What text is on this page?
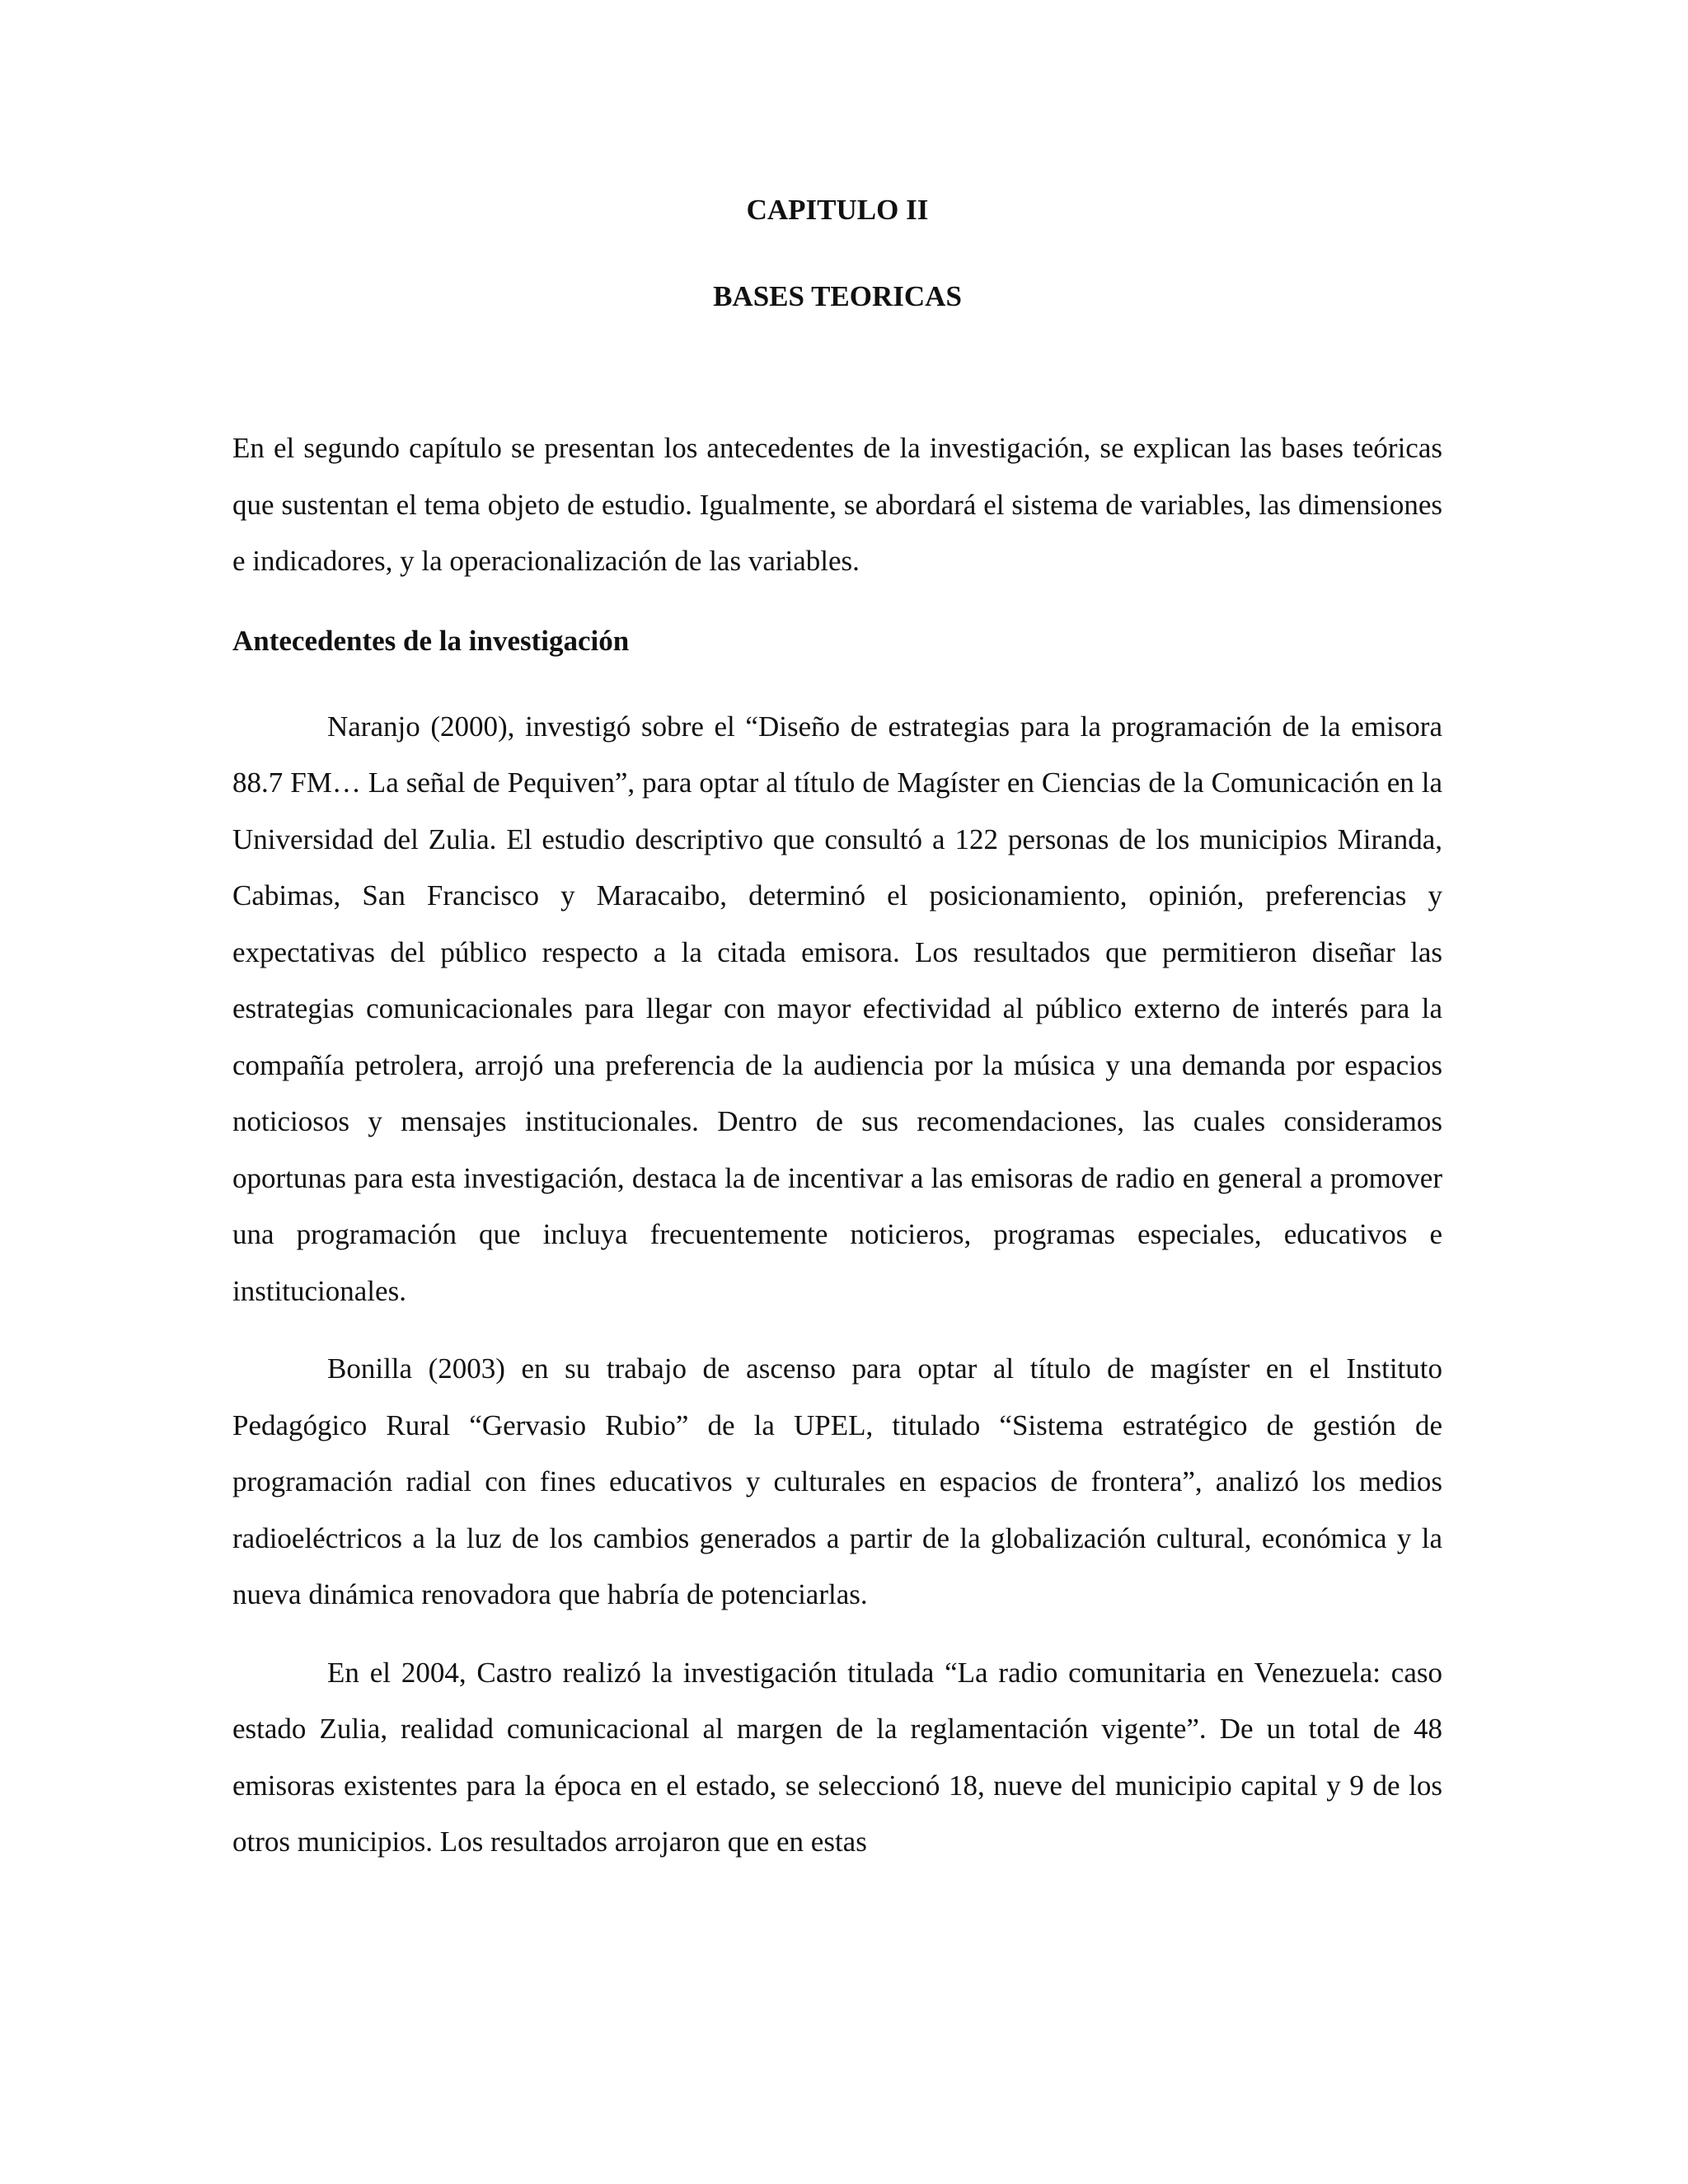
CAPITULO II
BASES TEORICAS

En el segundo capítulo se presentan los antecedentes de la investigación, se explican las bases teóricas que sustentan el tema objeto de estudio. Igualmente, se abordará el sistema de variables, las dimensiones e indicadores, y la operacionalización de las variables.

Antecedentes de la investigación

Naranjo (2000), investigó sobre el “Diseño de estrategias para la programación de la emisora 88.7 FM… La señal de Pequiven”, para optar al título de Magíster en Ciencias de la Comunicación en la Universidad del Zulia. El estudio descriptivo que consultó a 122 personas de los municipios Miranda, Cabimas, San Francisco y Maracaibo, determinó el posicionamiento, opinión, preferencias y expectativas del público respecto a la citada emisora. Los resultados que permitieron diseñar las estrategias comunicacionales para llegar con mayor efectividad al público externo de interés para la compañía petrolera, arrojó una preferencia de la audiencia por la música y una demanda por espacios noticiosos y mensajes institucionales. Dentro de sus recomendaciones, las cuales consideramos oportunas para esta investigación, destaca la de incentivar a las emisoras de radio en general a promover una programación que incluya frecuentemente noticieros, programas especiales, educativos e institucionales.

Bonilla (2003) en su trabajo de ascenso para optar al título de magíster en el Instituto Pedagógico Rural “Gervasio Rubio” de la UPEL, titulado “Sistema estratégico de gestión de programación radial con fines educativos y culturales en espacios de frontera”, analizó los medios radioeléctricos a la luz de los cambios generados a partir de la globalización cultural, económica y la nueva dinámica renovadora que habría de potenciarlas.

En el 2004, Castro realizó la investigación titulada “La radio comunitaria en Venezuela: caso estado Zulia, realidad comunicacional al margen de la reglamentación vigente”. De un total de 48 emisoras existentes para la época en el estado, se seleccionó 18, nueve del municipio capital y 9 de los otros municipios. Los resultados arrojaron que en estas
